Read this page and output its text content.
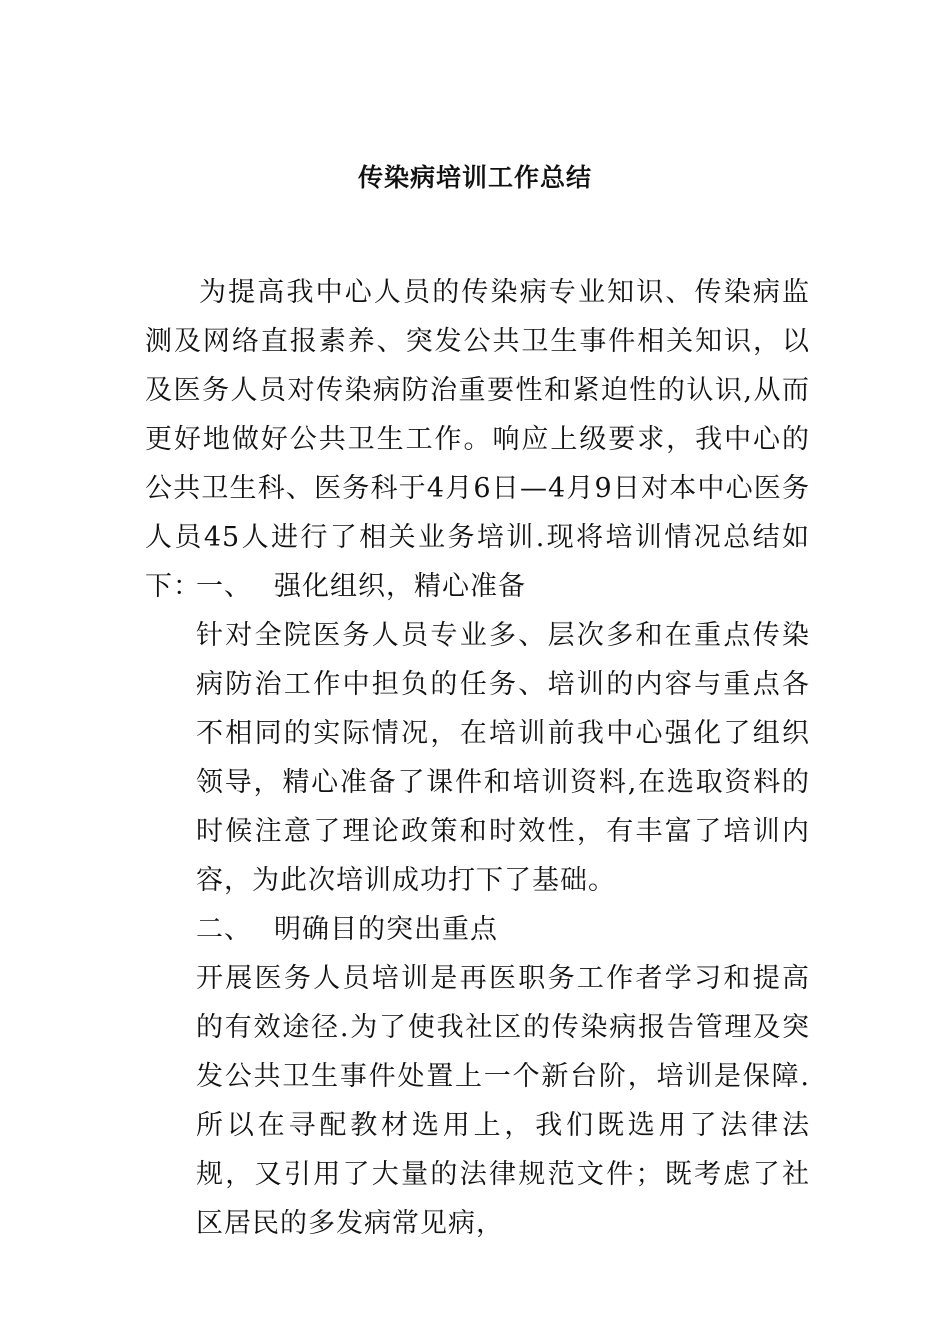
传染病培训工作总结
为提高我中心人员的传染病专业知识、传染病监测及网络直报素养、突发公共卫生事件相关知识，以及医务人员对传染病防治重要性和紧迫性的认识,从而更好地做好公共卫生工作。响应上级要求，我中心的公共卫生科、医务科于4月6日—4月9日对本中心医务人员45人进行了相关业务培训.现将培训情况总结如下：
一、 强化组织，精心准备
针对全院医务人员专业多、层次多和在重点传染病防治工作中担负的任务、培训的内容与重点各不相同的实际情况，在培训前我中心强化了组织领导，精心准备了课件和培训资料,在选取资料的时候注意了理论政策和时效性，有丰富了培训内容，为此次培训成功打下了基础。
二、 明确目的突出重点
开展医务人员培训是再医职务工作者学习和提高的有效途径.为了使我社区的传染病报告管理及突发公共卫生事件处置上一个新台阶，培训是保障.所以在寻配教材选用上，我们既选用了法律法规，又引用了大量的法律规范文件；既考虑了社区居民的多发病常见病，
